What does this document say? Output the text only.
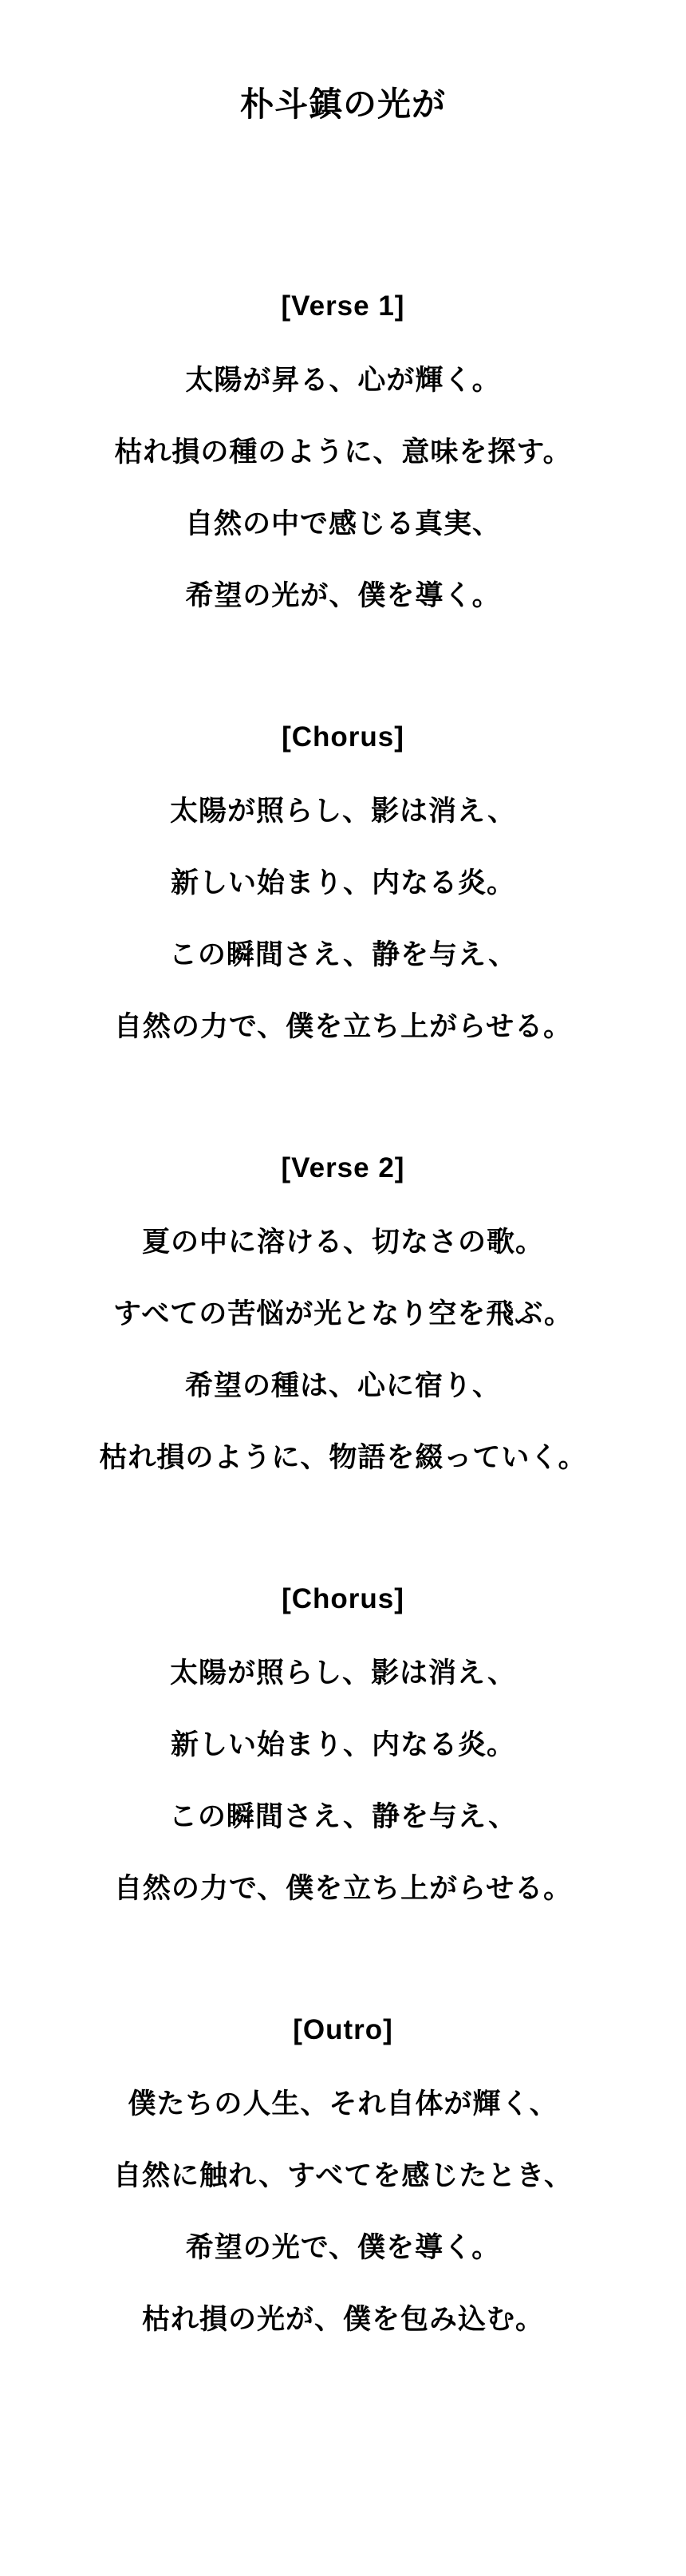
朴斗鎮の光が
[Verse 1]
太陽が昇る、心が輝く。
枯れ損の種のように、意味を探す。
自然の中で感じる真実、
希望の光が、僕を導く。
[Chorus]
太陽が照らし、影は消え、
新しい始まり、内なる炎。
この瞬間さえ、静を与え、
自然の力で、僕を立ち上がらせる。
[Verse 2]
夏の中に溶ける、切なさの歌。
すべての苦悩が光となり空を飛ぶ。
希望の種は、心に宿り、
枯れ損のように、物語を綴っていく。
[Chorus]
太陽が照らし、影は消え、
新しい始まり、内なる炎。
この瞬間さえ、静を与え、
自然の力で、僕を立ち上がらせる。
[Outro]
僕たちの人生、それ自体が輝く、
自然に触れ、すべてを感じたとき、
希望の光で、僕を導く。
枯れ損の光が、僕を包み込む。
